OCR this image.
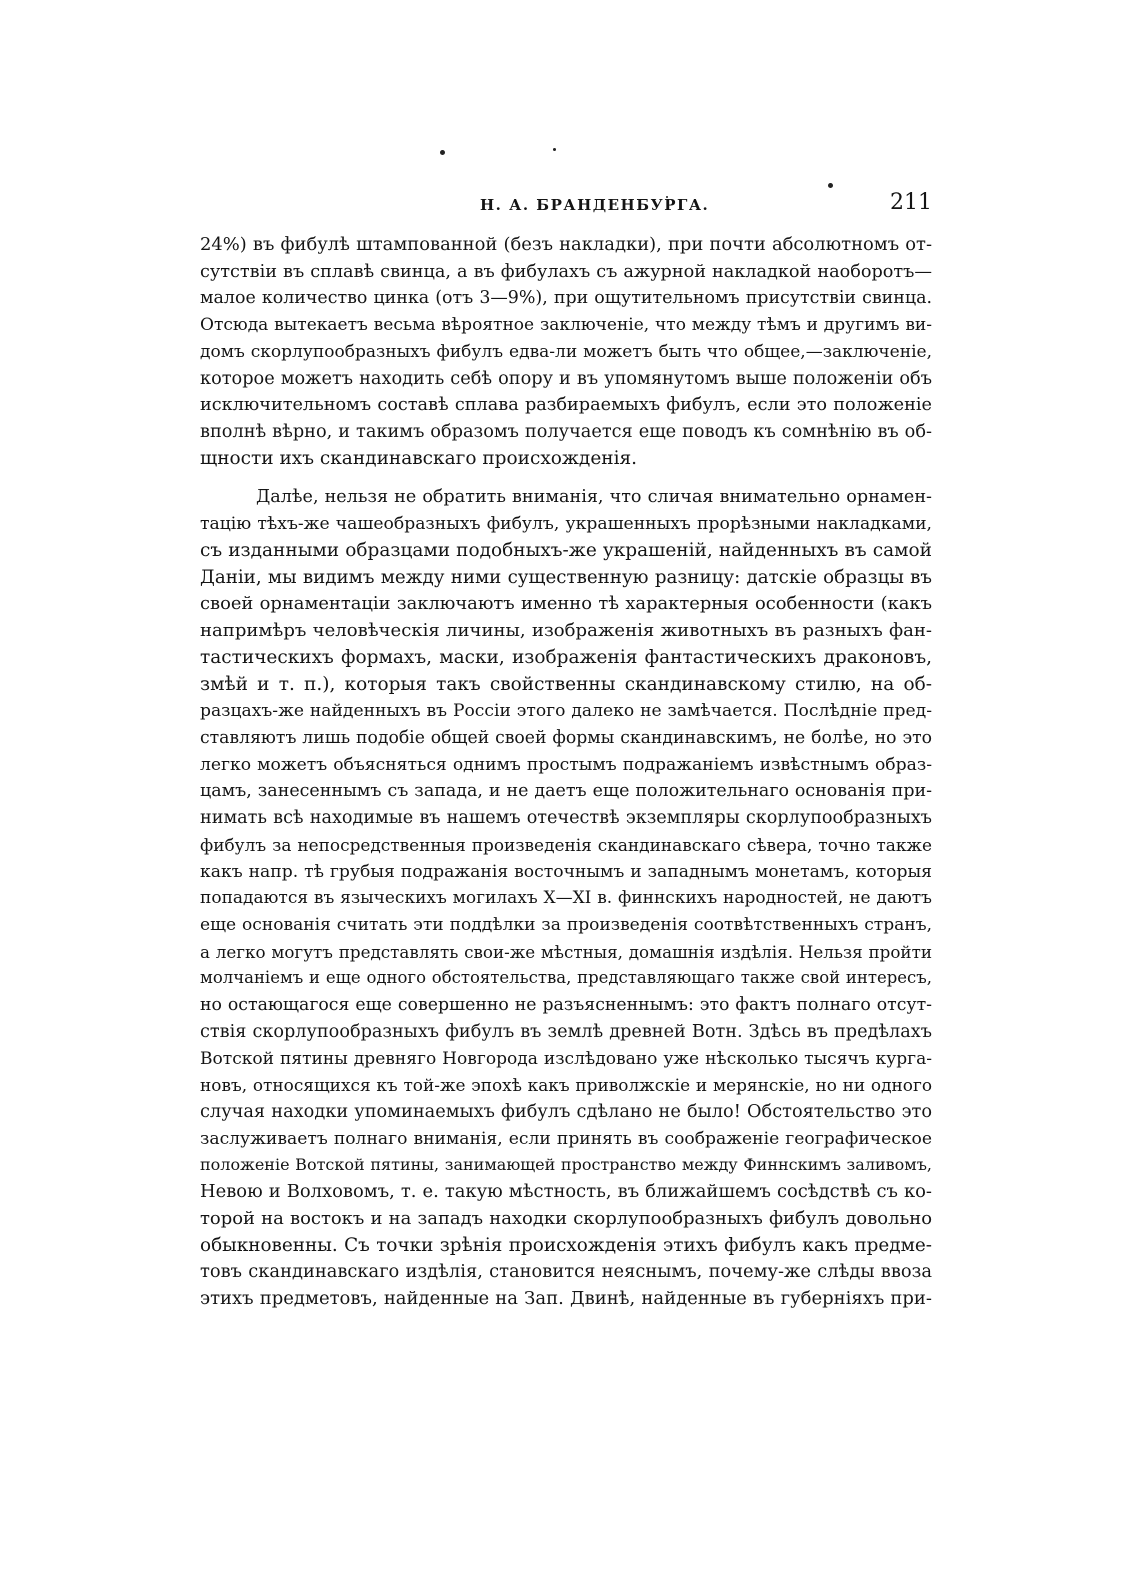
Н. А. БРАНДЕНБУРГА.	211
24%) въ фибулѣ штампованной (безъ накладки), при почти абсолютномъ от-
сутствіи въ сплавѣ свинца, а въ фибулахъ съ ажурной накладкой наоборотъ—
малое количество цинка (отъ 3—9%), при ощутительномъ присутствіи свинца.
Отсюда вытекаетъ весьма вѣроятное заключеніе, что между тѣмъ и другимъ ви-
домъ скорлупообразныхъ фибулъ едва-ли можетъ быть что общее,—заключеніе,
которое можетъ находить себѣ опору и въ упомянутомъ выше положеніи объ
исключительномъ составѣ сплава разбираемыхъ фибулъ, если это положеніе
вполнѣ вѣрно, и такимъ образомъ получается еще поводъ къ сомнѣнію въ об-
щности ихъ скандинавскаго происхожденія.
Далѣе, нельзя не обратить вниманія, что сличая внимательно орнамен-
тацію тѣхъ-же чашеобразныхъ фибулъ, украшенныхъ прорѣзными накладками,
съ изданными образцами подобныхъ-же украшеній, найденныхъ въ самой
Даніи, мы видимъ между ними существенную разницу: датскіе образцы въ
своей орнаментаціи заключаютъ именно тѣ характерныя особенности (какъ
напримѣръ человѣческія личины, изображенія животныхъ въ разныхъ фан-
тастическихъ формахъ, маски, изображенія фантастическихъ драконовъ,
змѣй и т. п.), которыя такъ свойственны скандинавскому стилю, на об-
разцахъ-же найденныхъ въ Россіи этого далеко не замѣчается. Послѣдніе пред-
ставляютъ лишь подобіе общей своей формы скандинавскимъ, не болѣе, но это
легко можетъ объясняться однимъ простымъ подражаніемъ извѣстнымъ образ-
цамъ, занесеннымъ съ запада, и не даетъ еще положительнаго основанія при-
нимать всѣ находимые въ нашемъ отечествѣ экземпляры скорлупообразныхъ
фибулъ за непосредственныя произведенія скандинавскаго сѣвера, точно также
какъ напр. тѣ грубыя подражанія восточнымъ и западнымъ монетамъ, которыя
попадаются въ языческихъ могилахъ X—XI в. финнскихъ народностей, не даютъ
еще основанія считать эти поддѣлки за произведенія соотвѣтственныхъ странъ,
а легко могутъ представлять свои-же мѣстныя, домашнія издѣлія. Нельзя пройти
молчаніемъ и еще одного обстоятельства, представляющаго также свой интересъ,
но остающагося еще совершенно не разъясненнымъ: это фактъ полнаго отсут-
ствія скорлупообразныхъ фибулъ въ землѣ древней Вотн. Здѣсь въ предѣлахъ
Вотской пятины древняго Новгорода изслѣдовано уже нѣсколько тысячъ курга-
новъ, относящихся къ той-же эпохѣ какъ приволжскіе и мерянскіе, но ни одного
случая находки упоминаемыхъ фибулъ сдѣлано не было! Обстоятельство это
заслуживаетъ полнаго вниманія, если принять въ соображеніе географическое
положеніе Вотской пятины, занимающей пространство между Финнскимъ заливомъ,
Невою и Волховомъ, т. е. такую мѣстность, въ ближайшемъ сосѣдствѣ съ ко-
торой на востокъ и на западъ находки скорлупообразныхъ фибулъ довольно
обыкновенны. Съ точки зрѣнія происхожденія этихъ фибулъ какъ предме-
товъ скандинавскаго издѣлія, становится неяснымъ, почему-же слѣды ввоза
этихъ предметовъ, найденные на Зап. Двинѣ, найденные въ губерніяхъ при-
